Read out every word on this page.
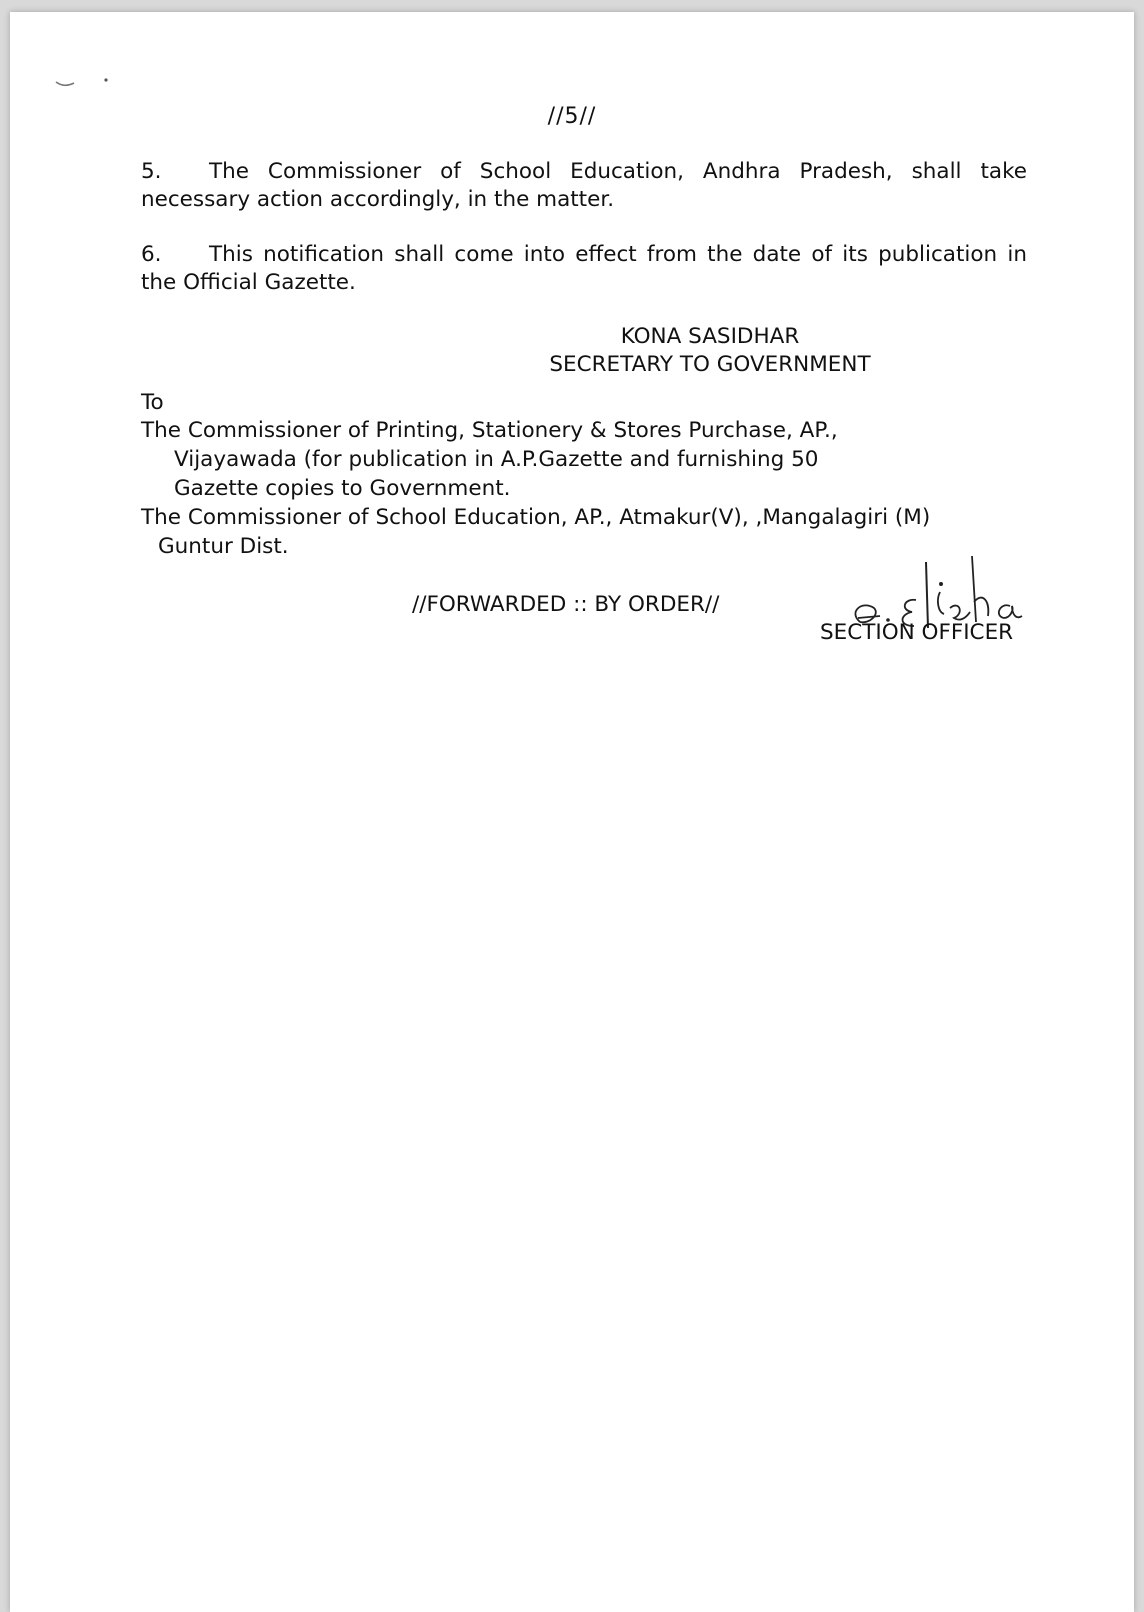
//5//

5. The Commissioner of School Education, Andhra Pradesh, shall take necessary action accordingly, in the matter.

6. This notification shall come into effect from the date of its publication in the Official Gazette.

KONA SASIDHAR
SECRETARY TO GOVERNMENT
To
The Commissioner of Printing, Stationery & Stores Purchase, AP.,
Vijayawada (for publication in A.P.Gazette and furnishing 50
Gazette copies to Government.
The Commissioner of School Education, AP., Atmakur(V), ,Mangalagiri (M)
Guntur Dist.
//FORWARDED :: BY ORDER//
SECTION OFFICER
